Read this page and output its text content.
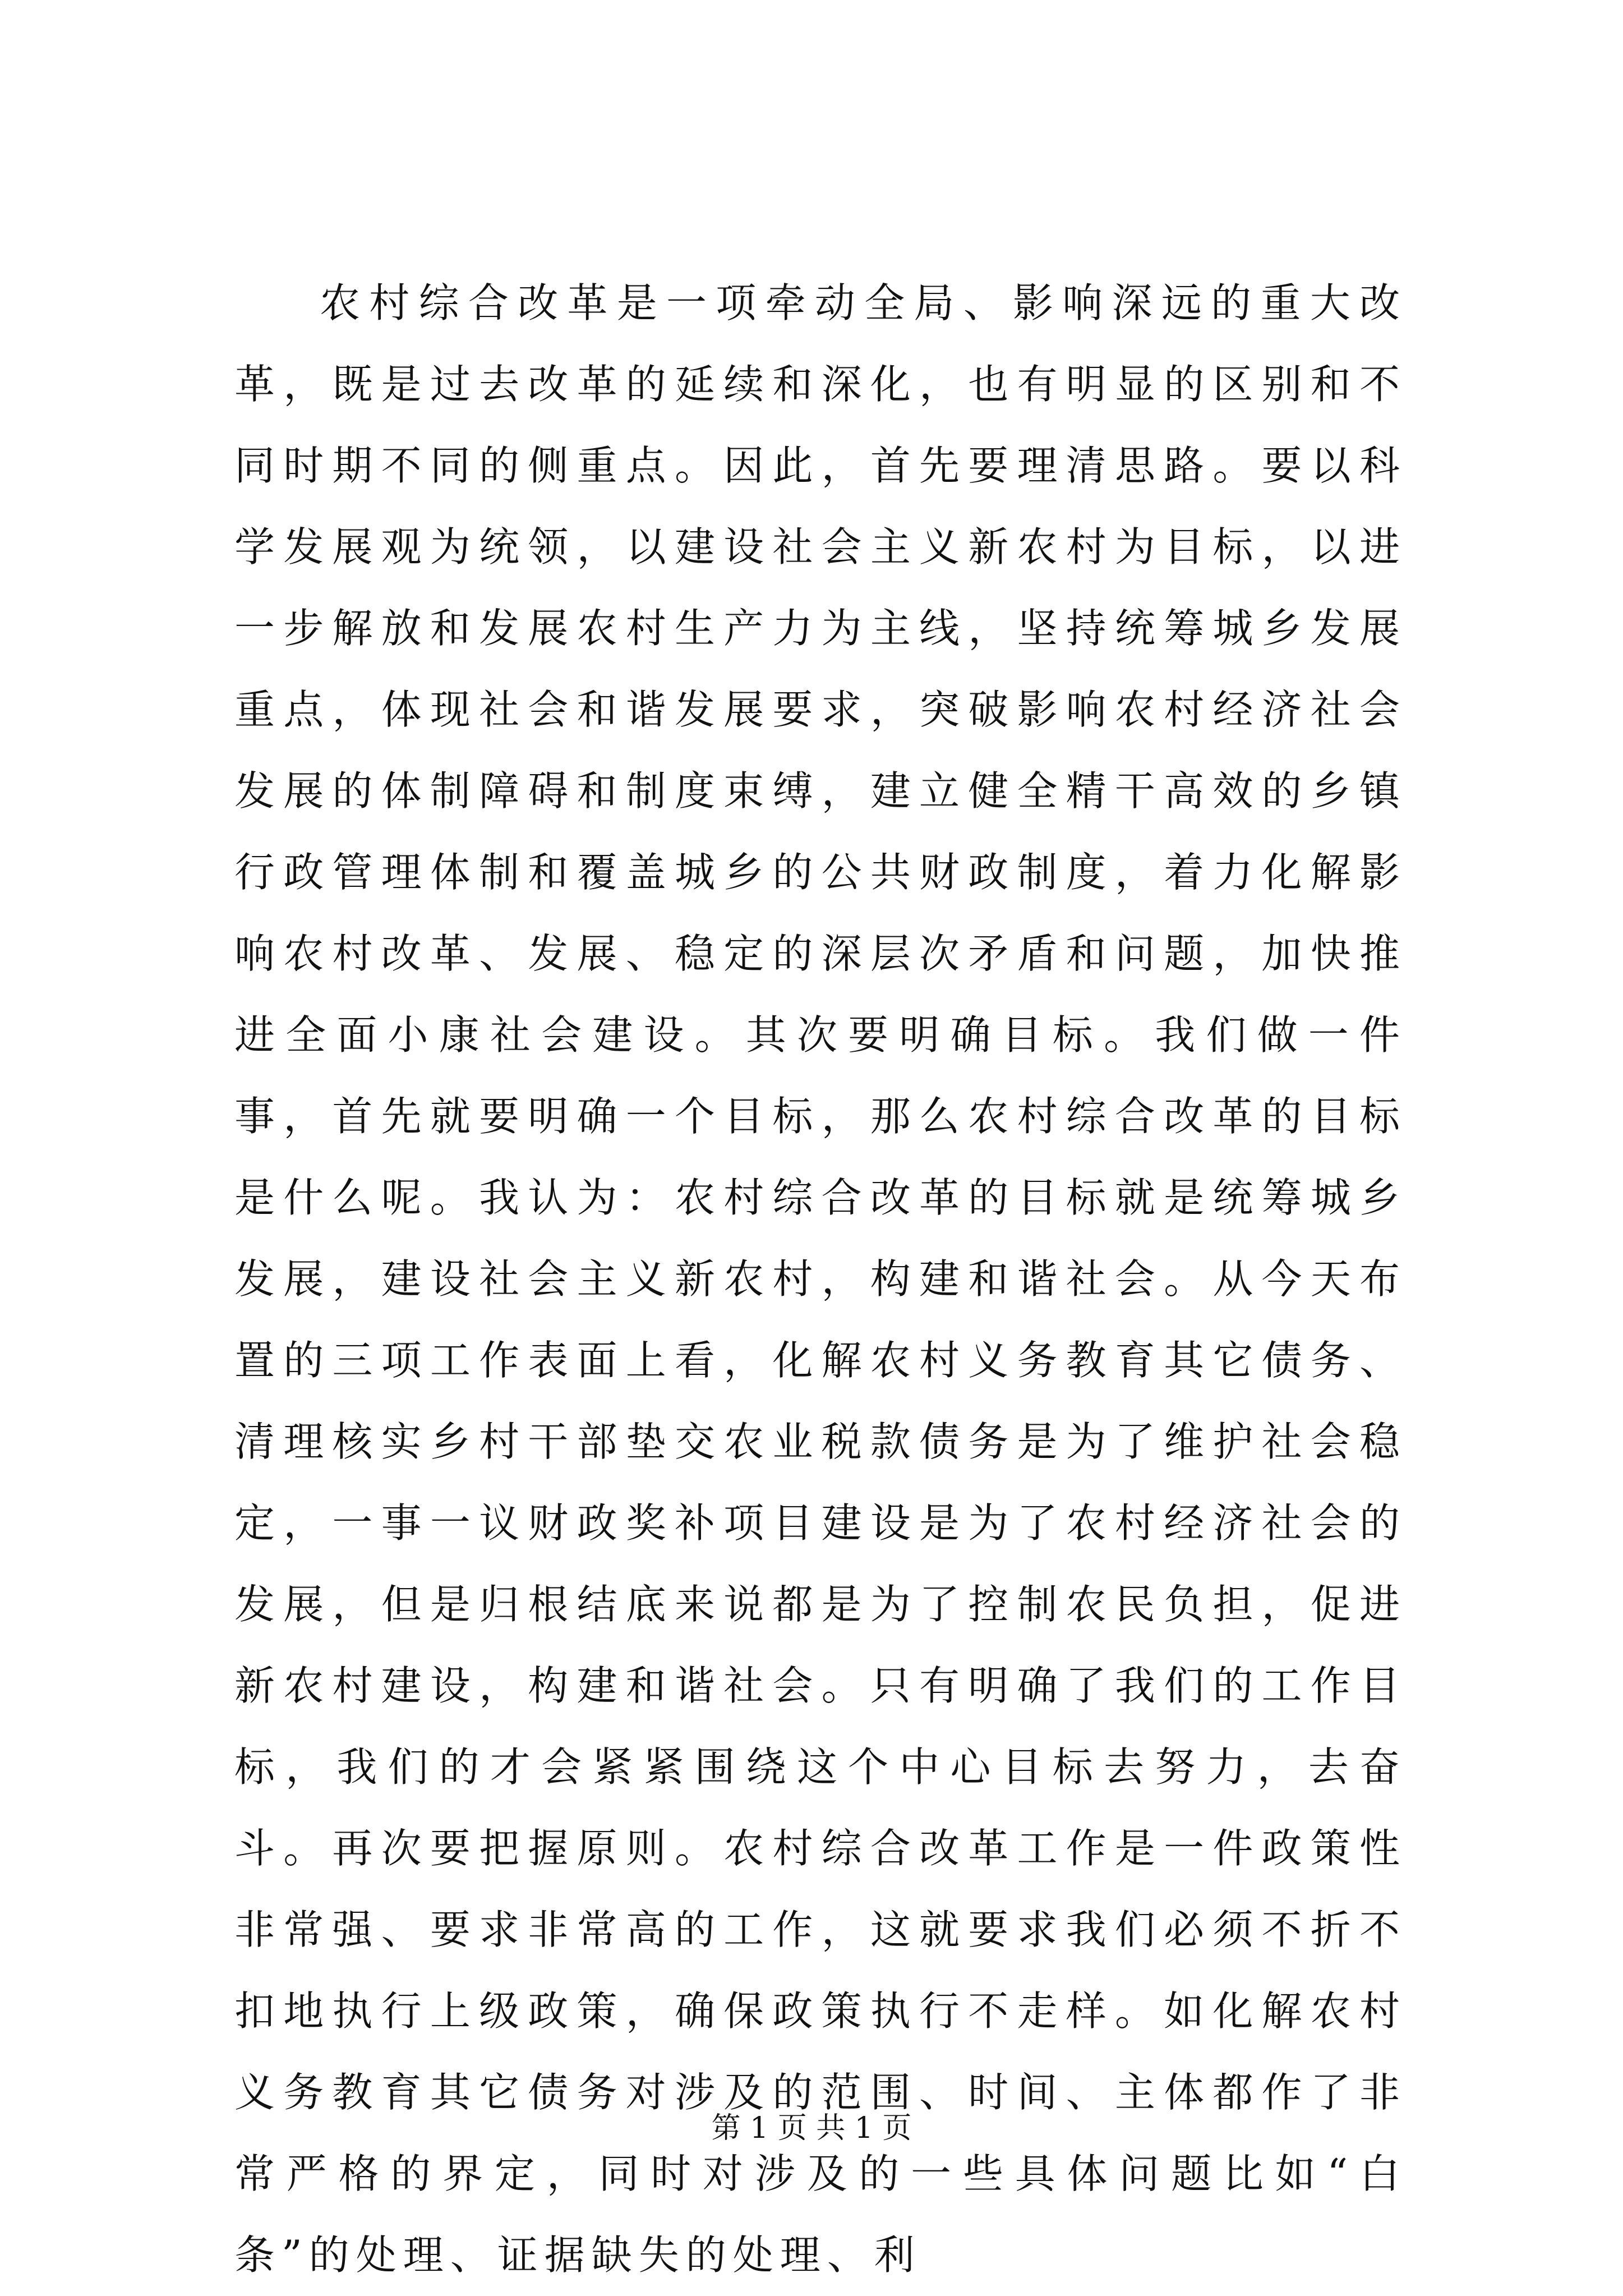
农村综合改革是一项牵动全局、影响深远的重大改革，既是过去改革的延续和深化，也有明显的区别和不同时期不同的侧重点。因此，首先要理清思路。要以科学发展观为统领，以建设社会主义新农村为目标，以进一步解放和发展农村生产力为主线，坚持统筹城乡发展重点，体现社会和谐发展要求，突破影响农村经济社会发展的体制障碍和制度束缚，建立健全精干高效的乡镇行政管理体制和覆盖城乡的公共财政制度，着力化解影响农村改革、发展、稳定的深层次矛盾和问题，加快推进全面小康社会建设。其次要明确目标。我们做一件事，首先就要明确一个目标，那么农村综合改革的目标是什么呢。我认为：农村综合改革的目标就是统筹城乡发展，建设社会主义新农村，构建和谐社会。从今天布置的三项工作表面上看，化解农村义务教育其它债务、清理核实乡村干部垫交农业税款债务是为了维护社会稳定，一事一议财政奖补项目建设是为了农村经济社会的发展，但是归根结底来说都是为了控制农民负担，促进新农村建设，构建和谐社会。只有明确了我们的工作目标，我们的才会紧紧围绕这个中心目标去努力，去奋斗。再次要把握原则。农村综合改革工作是一件政策性非常强、要求非常高的工作，这就要求我们必须不折不扣地执行上级政策，确保政策执行不走样。如化解农村义务教育其它债务对涉及的范围、时间、主体都作了非常严格的界定，同时对涉及的一些具体问题比如“白条”的处理、证据缺失的处理、利

第 1 页 共 1 页
